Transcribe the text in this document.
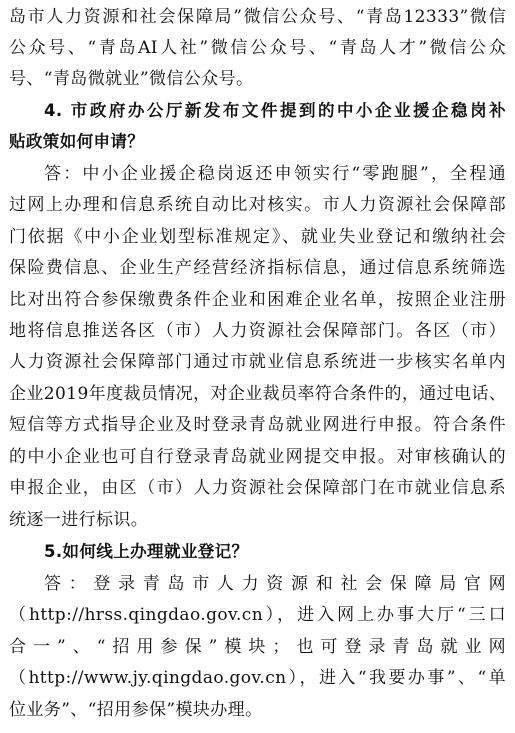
岛市人力资源和社会保障局”微信公众号、“青岛12333”微信
公众号、“青岛AI人社”微信公众号、“青岛人才”微信公众
号、“青岛微就业”微信公众号。
4. 市政府办公厅新发布文件提到的中小企业援企稳岗补
贴政策如何申请？
答：中小企业援企稳岗返还申领实行“零跑腿”，全程通
过网上办理和信息系统自动比对核实。市人力资源社会保障部
门依据《中小企业划型标准规定》、就业失业登记和缴纳社会
保险费信息、企业生产经营经济指标信息，通过信息系统筛选
比对出符合参保缴费条件企业和困难企业名单，按照企业注册
地将信息推送各区（市）人力资源社会保障部门。各区（市）
人力资源社会保障部门通过市就业信息系统进一步核实名单内
企业2019年度裁员情况，对企业裁员率符合条件的，通过电话、
短信等方式指导企业及时登录青岛就业网进行申报。符合条件
的中小企业也可自行登录青岛就业网提交申报。对审核确认的
申报企业，由区（市）人力资源社会保障部门在市就业信息系
统逐一进行标识。
5.如何线上办理就业登记？
答：登录青岛市人力资源和社会保障局官网
（http://hrss.qingdao.gov.cn），进入网上办事大厅“三口
合一”、“招用参保”模块；也可登录青岛就业网
（http://www.jy.qingdao.gov.cn），进入“我要办事”、“单
位业务”、“招用参保”模块办理。
